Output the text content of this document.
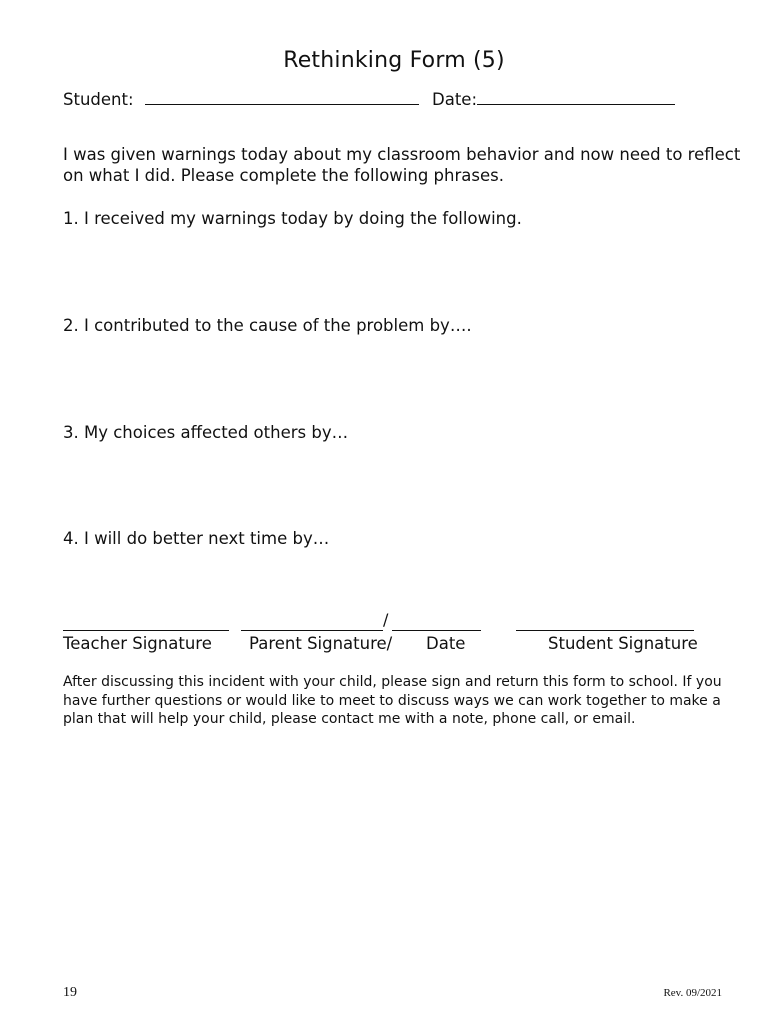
Rethinking Form (5)
Student:	Date:
I was given warnings today about my classroom behavior and now need to reflect on what I did. Please complete the following phrases.
1. I received my warnings today by doing the following.
2. I contributed to the cause of the problem by….
3. My choices affected others by…
4. I will do better next time by…
/
Teacher Signature Parent Signature/ Date	Student Signature
After discussing this incident with your child, please sign and return this form to school. If you have further questions or would like to meet to discuss ways we can work together to make a plan that will help your child, please contact me with a note, phone call, or email.
19	Rev. 09/2021
